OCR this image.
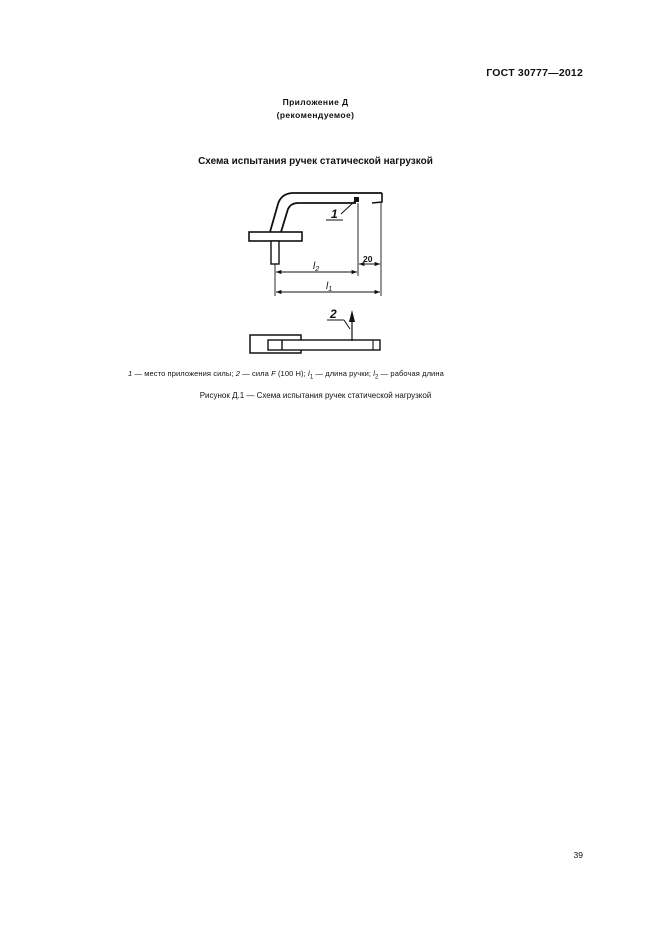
ГОСТ 30777—2012
Приложение Д
(рекомендуемое)
Схема испытания ручек статической нагрузкой
1
$l_2$
20
$l_1$
2
1 — место приложения силы; 2 — сила F (100 Н); $l_1$ — длина ручки; $l_2$ — рабочая длина
Рисунок Д.1 — Схема испытания ручек статической нагрузкой
39
